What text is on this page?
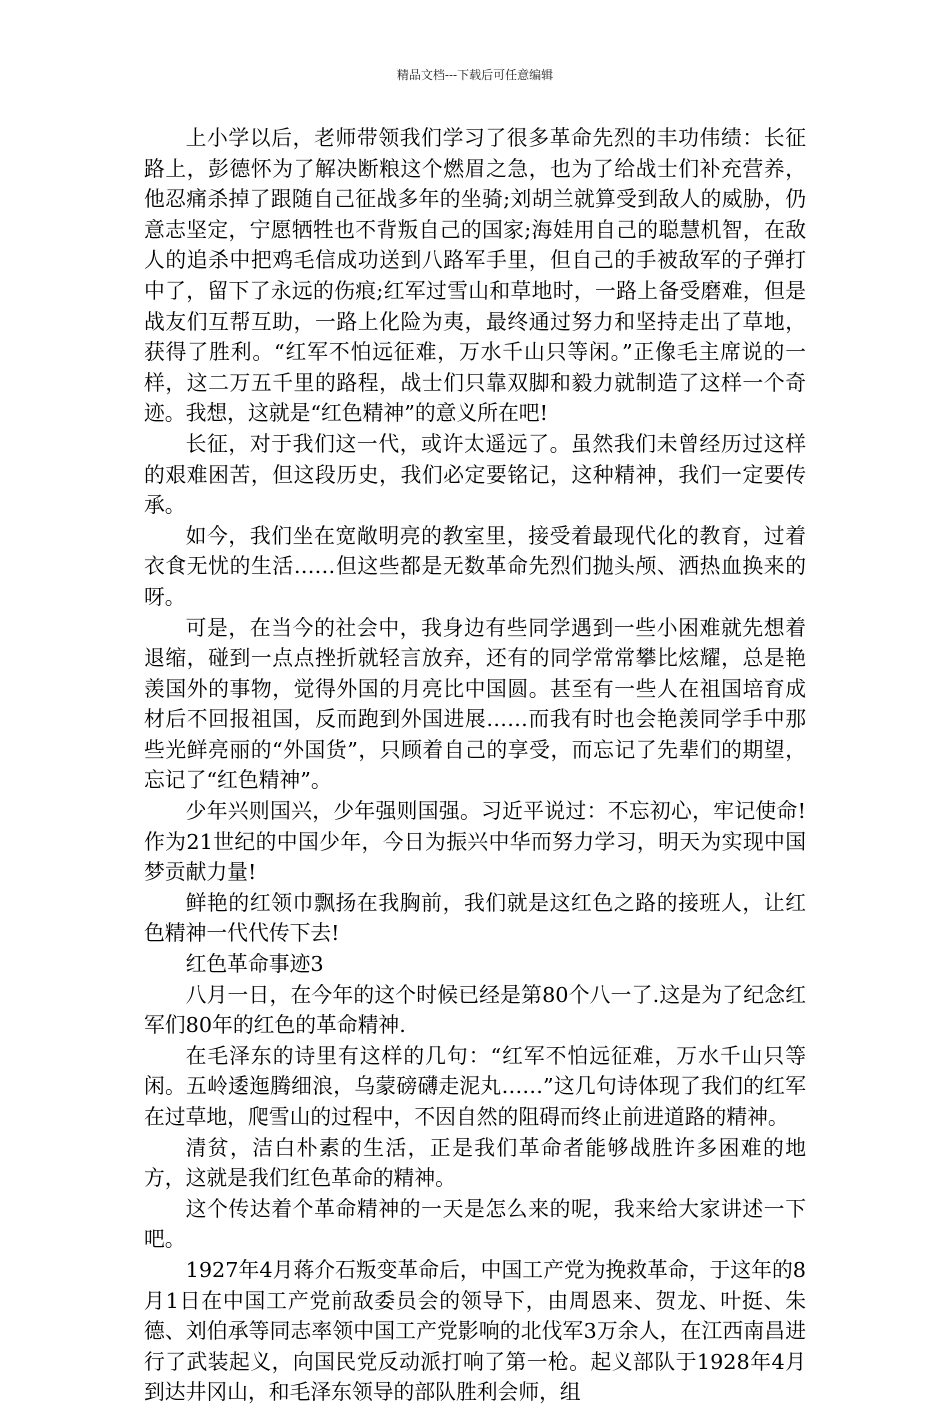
精品文档---下载后可任意编辑

上小学以后，老师带领我们学习了很多革命先烈的丰功伟绩：长征路上，彭德怀为了解决断粮这个燃眉之急，也为了给战士们补充营养，他忍痛杀掉了跟随自己征战多年的坐骑;刘胡兰就算受到敌人的威胁，仍意志坚定，宁愿牺牲也不背叛自己的国家;海娃用自己的聪慧机智，在敌人的追杀中把鸡毛信成功送到八路军手里，但自己的手被敌军的子弹打中了，留下了永远的伤痕;红军过雪山和草地时，一路上备受磨难，但是战友们互帮互助，一路上化险为夷，最终通过努力和坚持走出了草地，获得了胜利。“红军不怕远征难，万水千山只等闲。”正像毛主席说的一样，这二万五千里的路程，战士们只靠双脚和毅力就制造了这样一个奇迹。我想，这就是“红色精神”的意义所在吧!

长征，对于我们这一代，或许太遥远了。虽然我们未曾经历过这样的艰难困苦，但这段历史，我们必定要铭记，这种精神，我们一定要传承。

如今，我们坐在宽敞明亮的教室里，接受着最现代化的教育，过着衣食无忧的生活……但这些都是无数革命先烈们抛头颅、洒热血换来的呀。

可是，在当今的社会中，我身边有些同学遇到一些小困难就先想着退缩，碰到一点点挫折就轻言放弃，还有的同学常常攀比炫耀，总是艳羡国外的事物，觉得外国的月亮比中国圆。甚至有一些人在祖国培育成材后不回报祖国，反而跑到外国进展……而我有时也会艳羡同学手中那些光鲜亮丽的“外国货”，只顾着自己的享受，而忘记了先辈们的期望，忘记了“红色精神”。

少年兴则国兴，少年强则国强。习近平说过：不忘初心，牢记使命!作为21世纪的中国少年，今日为振兴中华而努力学习，明天为实现中国梦贡献力量!

鲜艳的红领巾飘扬在我胸前，我们就是这红色之路的接班人，让红色精神一代代传下去!

红色革命事迹3

八月一日，在今年的这个时候已经是第80个八一了.这是为了纪念红军们80年的红色的革命精神.

在毛泽东的诗里有这样的几句：“红军不怕远征难，万水千山只等闲。五岭逶迤腾细浪，乌蒙磅礴走泥丸……”这几句诗体现了我们的红军在过草地，爬雪山的过程中，不因自然的阻碍而终止前进道路的精神。

清贫，洁白朴素的生活，正是我们革命者能够战胜许多困难的地方，这就是我们红色革命的精神。

这个传达着个革命精神的一天是怎么来的呢，我来给大家讲述一下吧。

1927年4月蒋介石叛变革命后，中国工产党为挽救革命，于这年的8月1日在中国工产党前敌委员会的领导下，由周恩来、贺龙、叶挺、朱德、刘伯承等同志率领中国工产党影响的北伐军3万余人，在江西南昌进行了武装起义，向国民党反动派打响了第一枪。起义部队于1928年4月到达井冈山，和毛泽东领导的部队胜利会师，组
